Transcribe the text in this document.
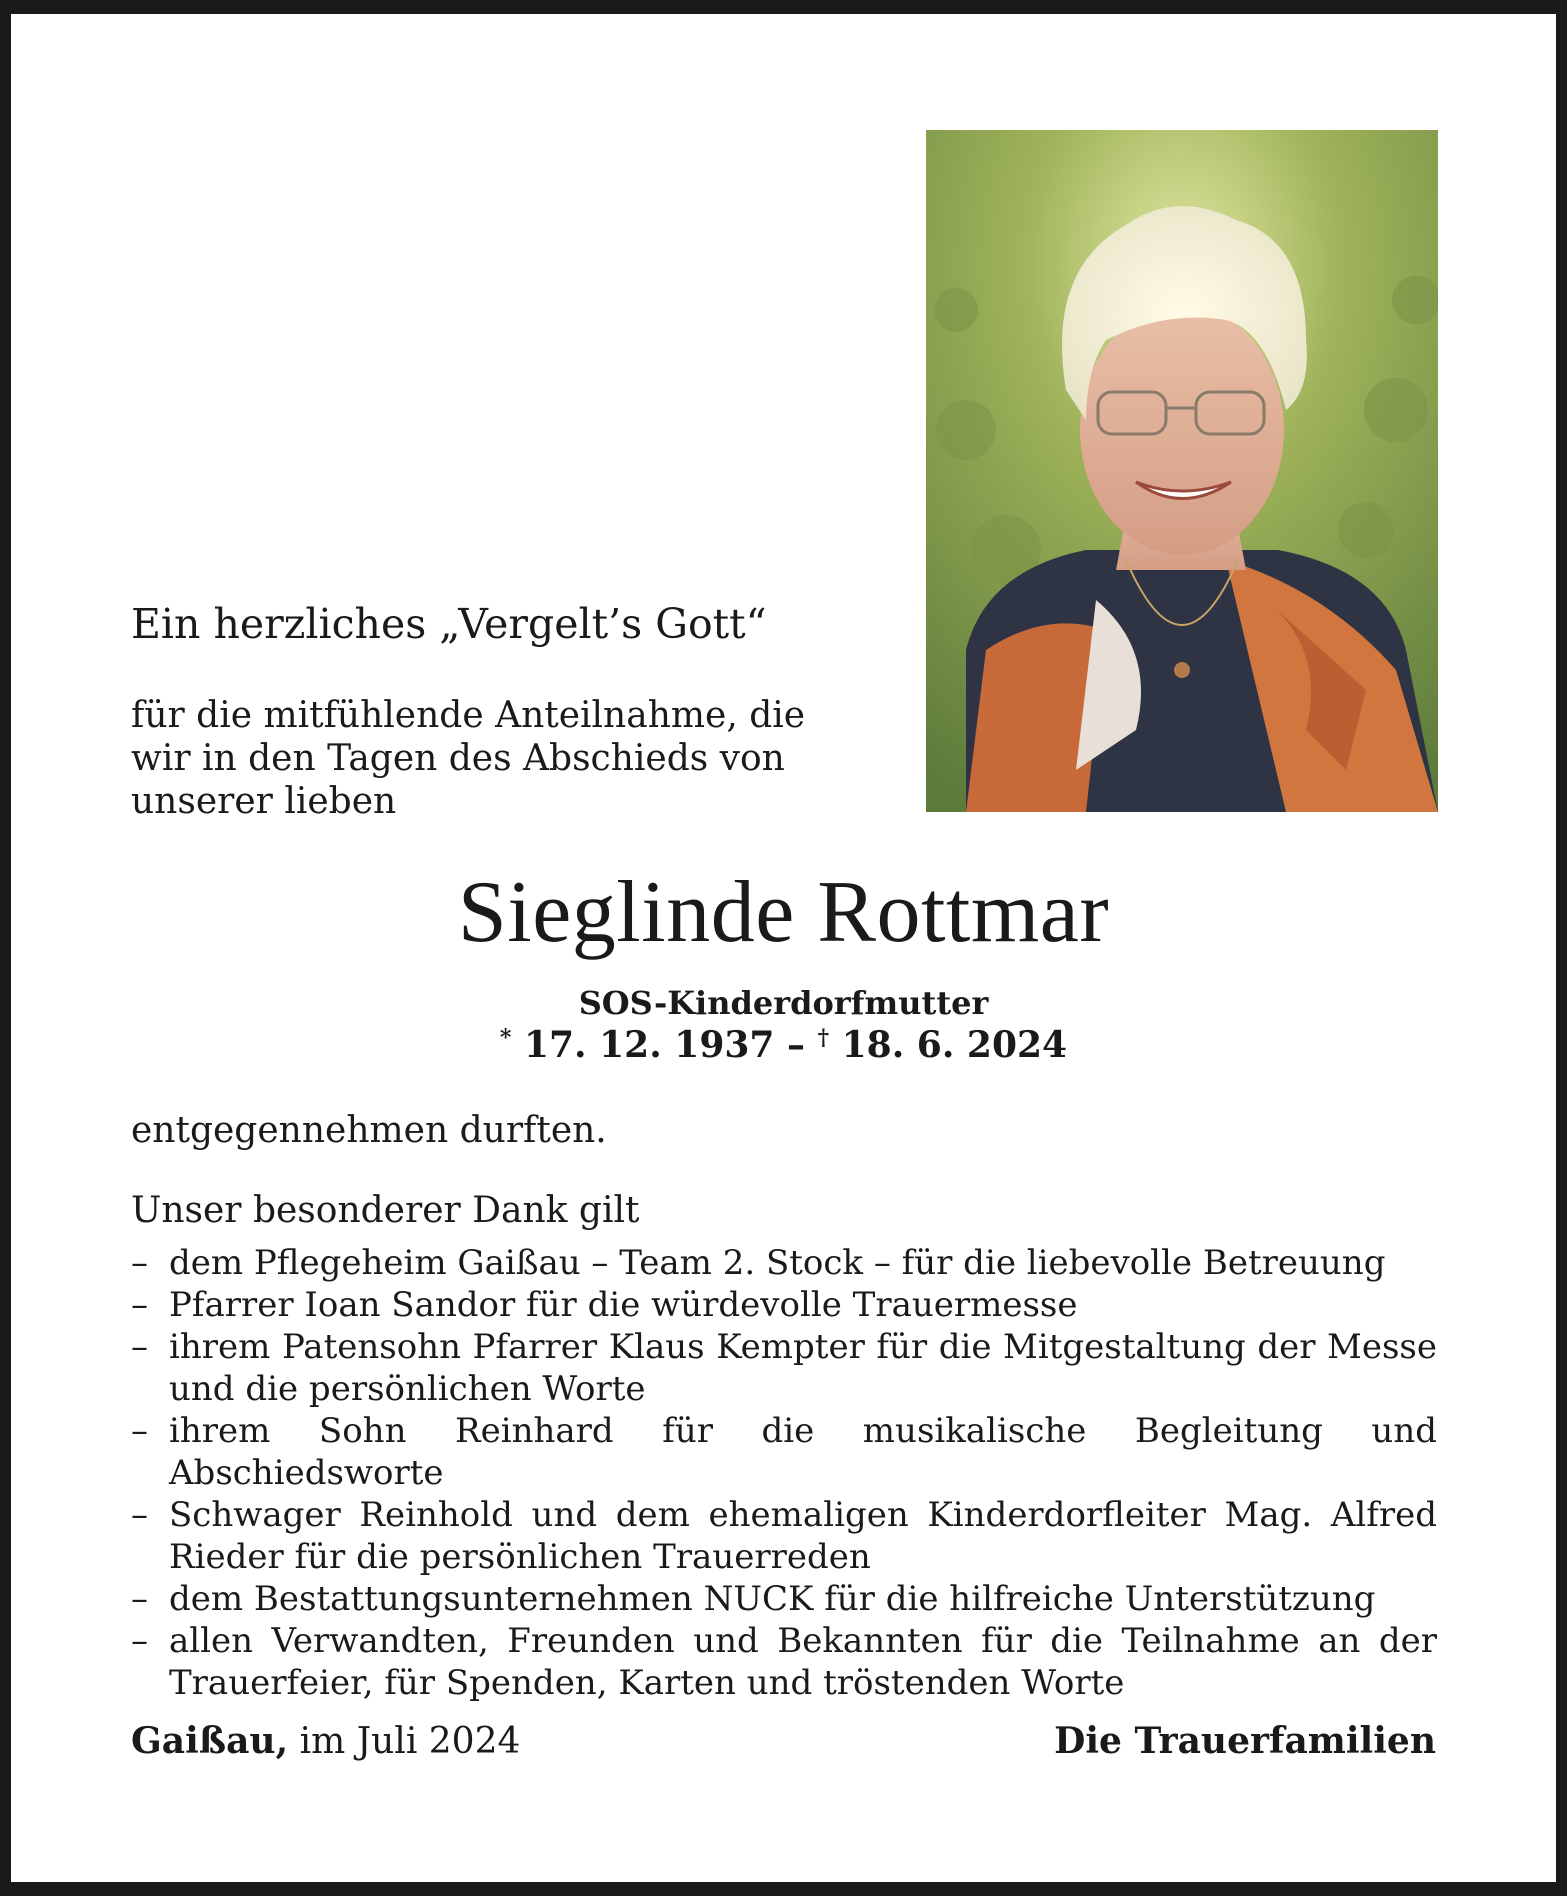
Ein herzliches „Vergelt’s Gott“

für die mitfühlende Anteilnahme, die

wir in den Tagen des Abschieds von

unserer lieben

Sieglinde Rottmar
SOS-Kinderdorfmutter
* 17. 12. 1937 – † 18. 6. 2024
entgegennehmen durften.
Unser besonderer Dank gilt
– dem Pflegeheim Gaißau – Team 2. Stock – für die liebevolle Betreuung
– Pfarrer Ioan Sandor für die würdevolle Trauermesse
– ihrem Patensohn Pfarrer Klaus Kempter für die Mitgestaltung der Messe und die persönlichen Worte
– ihrem Sohn Reinhard für die musikalische Begleitung und Abschiedsworte
– Schwager Reinhold und dem ehemaligen Kinderdorfleiter Mag. Alfred Rieder für die persönlichen Trauerreden
– dem Bestattungsunternehmen NUCK für die hilfreiche Unterstützung
– allen Verwandten, Freunden und Bekannten für die Teilnahme an der Trauerfeier, für Spenden, Karten und tröstenden Worte
Gaißau, im Juli 2024	Die Trauerfamilien
